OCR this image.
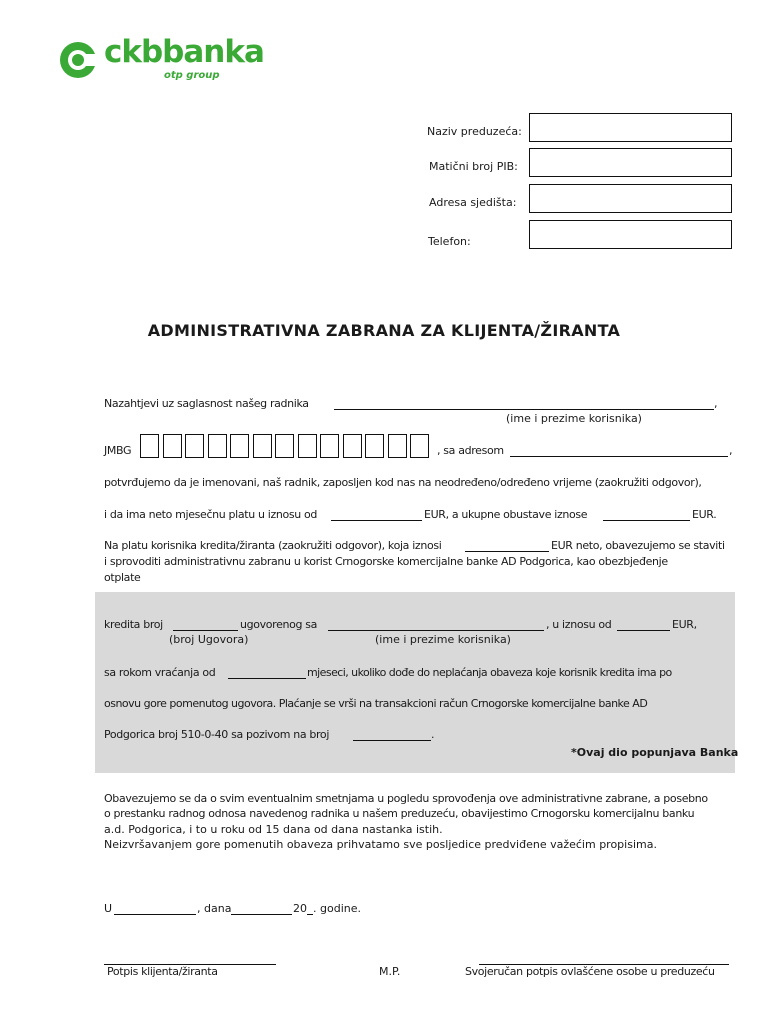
ckbbanka
otp group
Naziv preduzeća:
Matični broj PIB:
Adresa sjedišta:
Telefon:
ADMINISTRATIVNA ZABRANA ZA KLIJENTA/ŽIRANTA
Nazahtjevi uz saglasnost našeg radnika	,
(ime i prezime korisnika)
JMBG	, sa adresom	,
potvrđujemo da je imenovani, naš radnik, zaposljen kod nas na neodređeno/određeno vrijeme (zaokružiti odgovor),
i da ima neto mjesečnu platu u iznosu od	EUR, a ukupne obustave iznose	EUR.
Na platu korisnika kredita/žiranta (zaokružiti odgovor), koja iznosi	EUR neto, obavezujemo se staviti
i sprovoditi administrativnu zabranu u korist Crnogorske komercijalne banke AD Podgorica, kao obezbjeđenje
otplate
kredita broj	ugovorenog sa	, u iznosu od	EUR,
(broj Ugovora)	(ime i prezime korisnika)
sa rokom vraćanja od	mjeseci, ukoliko dođe do neplaćanja obaveza koje korisnik kredita ima po
osnovu gore pomenutog ugovora. Plaćanje se vrši na transakcioni račun Crnogorske komercijalne banke AD
Podgorica broj 510-0-40 sa pozivom na broj	.
*Ovaj dio popunjava Banka
Obavezujemo se da o svim eventualnim smetnjama u pogledu sprovođenja ove administrativne zabrane, a posebno
o prestanku radnog odnosa navedenog radnika u našem preduzeću, obavijestimo Crnogorsku komercijalnu banku
a.d. Podgorica, i to u roku od 15 dana od dana nastanka istih.
Neizvršavanjem gore pomenutih obaveza prihvatamo sve posljedice predviđene važećim propisima.
U	, dana	20 . godine.
Potpis klijenta/žiranta	M.P.	Svojeručan potpis ovlašćene osobe u preduzeću
